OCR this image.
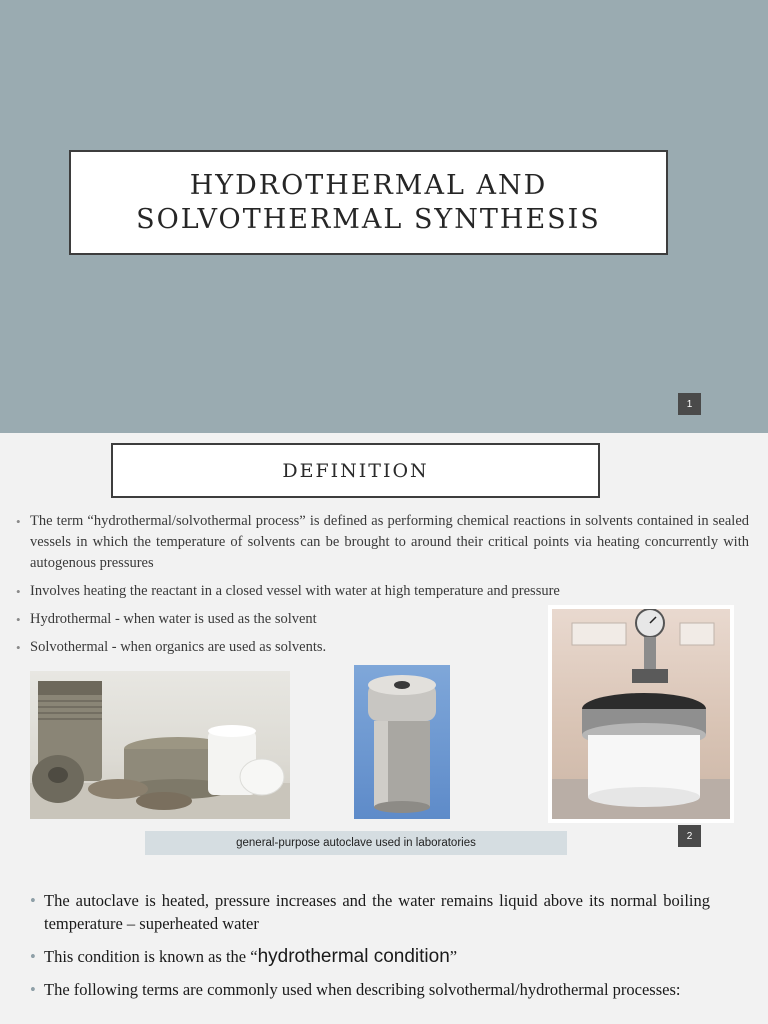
HYDROTHERMAL AND
SOLVOTHERMAL SYNTHESIS
1
DEFINITION
• The term “hydrothermal/solvothermal process” is defined as performing chemical reactions in solvents contained in sealed vessels in which the temperature of solvents can be brought to around their critical points via heating concurrently with autogenous pressures
• Involves heating the reactant in a closed vessel with water at high temperature and pressure
• Hydrothermal - when water is used as the solvent
• Solvothermal - when organics are used as solvents.
general-purpose autoclave used in laboratories
2
• The autoclave is heated, pressure increases and the water remains liquid above its normal boiling temperature – superheated water
• This condition is known as the “hydrothermal condition”
• The following terms are commonly used when describing solvothermal/hydrothermal processes:
